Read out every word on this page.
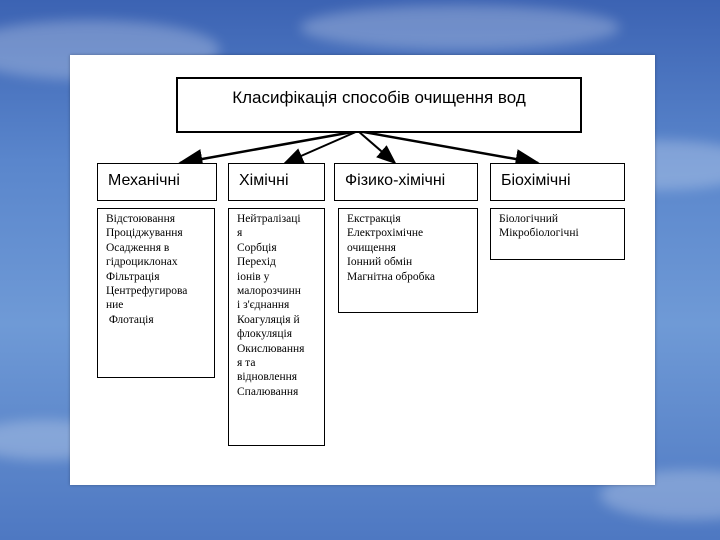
Класифікація способів очищення вод
Механічні	Хімічні	Фізико-хімічні	Біохімічні
Відстоювання
Проціджування
Осадження в
гідроциклонах
Фільтрація
Центрефугирова
ние
Флотація
Нейтралізаці
я
Сорбція
Перехід
іонів у
малорозчинн
і з'єднання
Коагуляція й
флокуляція
Окислювання
я та
відновлення
Спалювання
Екстракція
Електрохімічне
очищення
Іонний обмін
Магнітна обробка
Біологічний
Мікробіологічні
